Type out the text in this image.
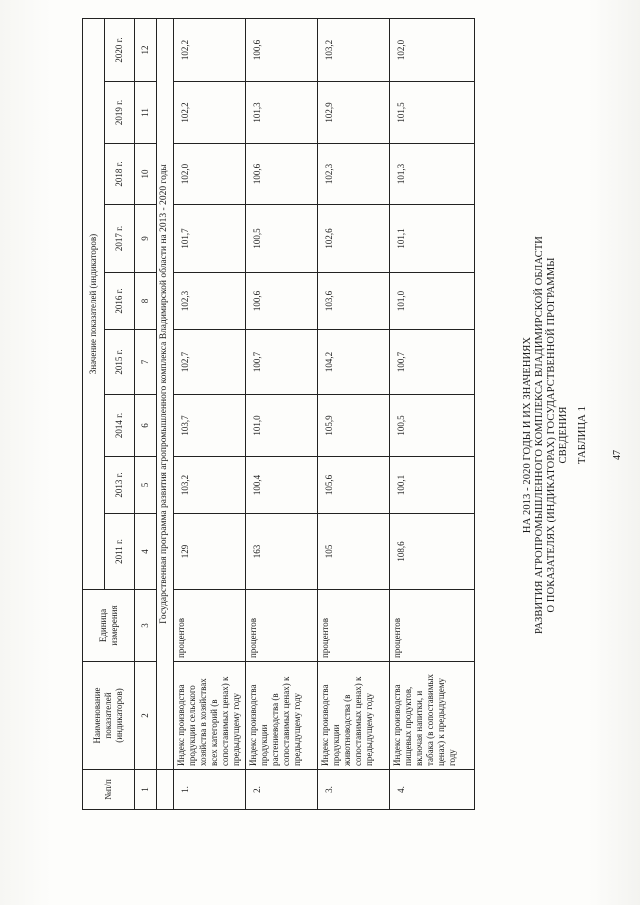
47
ТАБЛИЦА 1
СВЕДЕНИЯ
О ПОКАЗАТЕЛЯХ (ИНДИКАТОРАХ) ГОСУДАРСТВЕННОЙ ПРОГРАММЫ
РАЗВИТИЯ АГРОПРОМЫШЛЕННОГО КОМПЛЕКСА ВЛАДИМИРСКОЙ ОБЛАСТИ
НА 2013 - 2020 ГОДЫ И ИХ ЗНАЧЕНИЯХ
№п/п	Наименование показателей (индикаторов)	Единица измерения	Значение показателей (индикаторов)								
			2011 г.	2013 г.	2014 г.	2015 г.	2016 г.	2017 г.	2018 г.	2019 г.	2020 г.
1	2	3	4	5	6	7	8	9	10	11	12
	Государственная программа развития агропромышленного комплекса Владимирской области на 2013 - 2020 годы										
1.	Индекс производства продукции сельского хозяйства в хозяйствах всех категорий (в сопоставимых ценах) к предыдущему году	процентов	129	103,2	103,7	102,7	102,3	101,7	102,0	102,2	102,2
2.	Индекс производства продукции растениеводства (в сопоставимых ценах) к предыдущему году	процентов	163	100,4	101,0	100,7	100,6	100,5	100,6	101,3	100,6
3.	Индекс производства продукции животноводства (в сопоставимых ценах) к предыдущему году	процентов	105	105,6	105,9	104,2	103,6	102,6	102,3	102,9	103,2
4.	Индекс производства пищевых продуктов, включая напитки, и табака (в сопоставимых ценах) к предыдущему году	процентов	108,6	100,1	100,5	100,7	101,0	101,1	101,3	101,5	102,0
